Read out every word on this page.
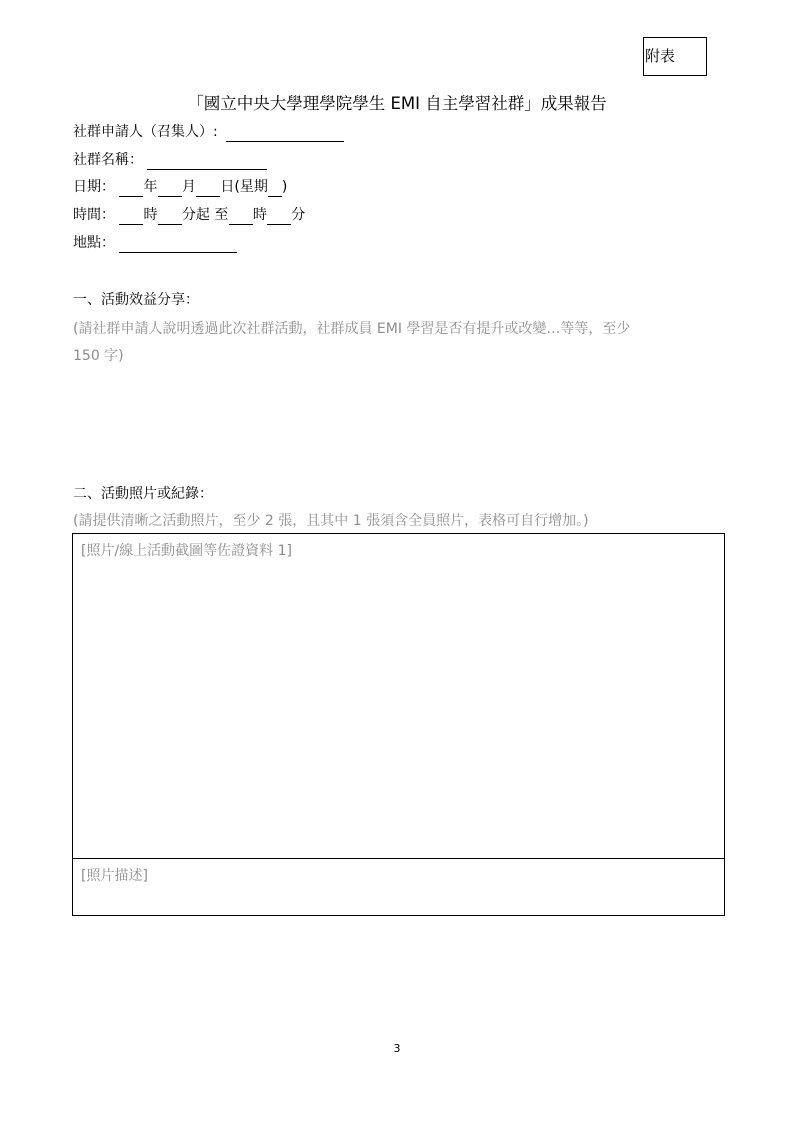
附表
「國立中央大學理學院學生 EMI 自主學習社群」成果報告
社群申請人（召集人）:
社群名稱：
日期： 年 月 日(星期 )
時間： 時 分起 至 時 分
地點：
一、活動效益分享：
(請社群申請人說明透過此次社群活動，社群成員 EMI 學習是否有提升或改變…等等，至少
150 字)
二、活動照片或紀錄：
(請提供清晰之活動照片，至少 2 張，且其中 1 張須含全員照片，表格可自行增加。)
[照片/線上活動截圖等佐證資料 1]
[照片描述]
3
